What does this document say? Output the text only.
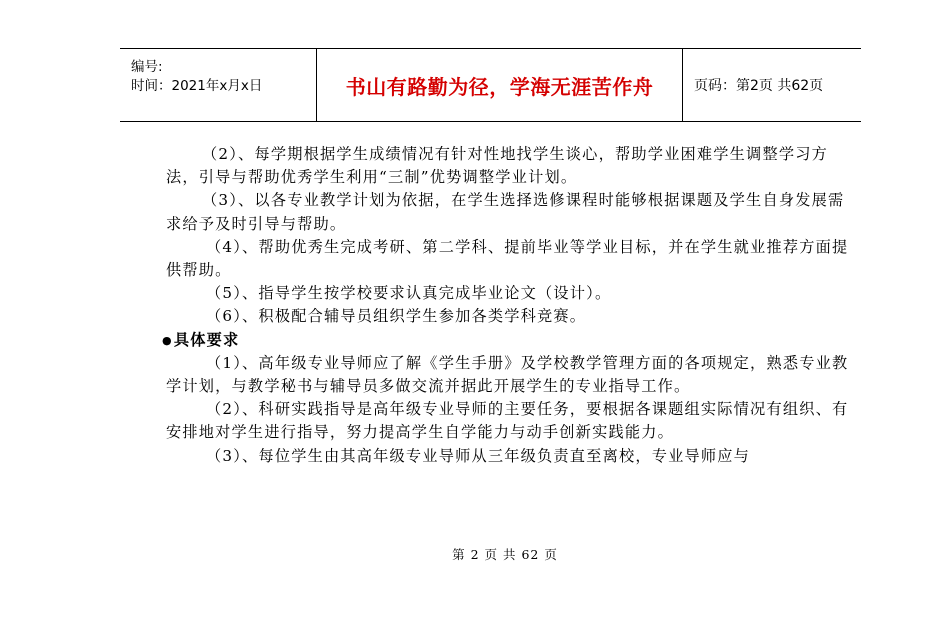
编号:
时间：2021年x月x日	书山有路勤为径，学海无涯苦作舟	页码：第2页 共62页

（2）、每学期根据学生成绩情况有针对性地找学生谈心，帮助学业困难学生调整学习方法，引导与帮助优秀学生利用“三制”优势调整学业计划。

（3）、以各专业教学计划为依据，在学生选择选修课程时能够根据课题及学生自身发展需求给予及时引导与帮助。

（4）、帮助优秀生完成考研、第二学科、提前毕业等学业目标，并在学生就业推荐方面提供帮助。

（5）、指导学生按学校要求认真完成毕业论文（设计）。

（6）、积极配合辅导员组织学生参加各类学科竞赛。

●具体要求

（1）、高年级专业导师应了解《学生手册》及学校教学管理方面的各项规定，熟悉专业教学计划，与教学秘书与辅导员多做交流并据此开展学生的专业指导工作。

（2）、科研实践指导是高年级专业导师的主要任务，要根据各课题组实际情况有组织、有安排地对学生进行指导，努力提高学生自学能力与动手创新实践能力。

（3）、每位学生由其高年级专业导师从三年级负责直至离校，专业导师应与

第 2 页 共 62 页
